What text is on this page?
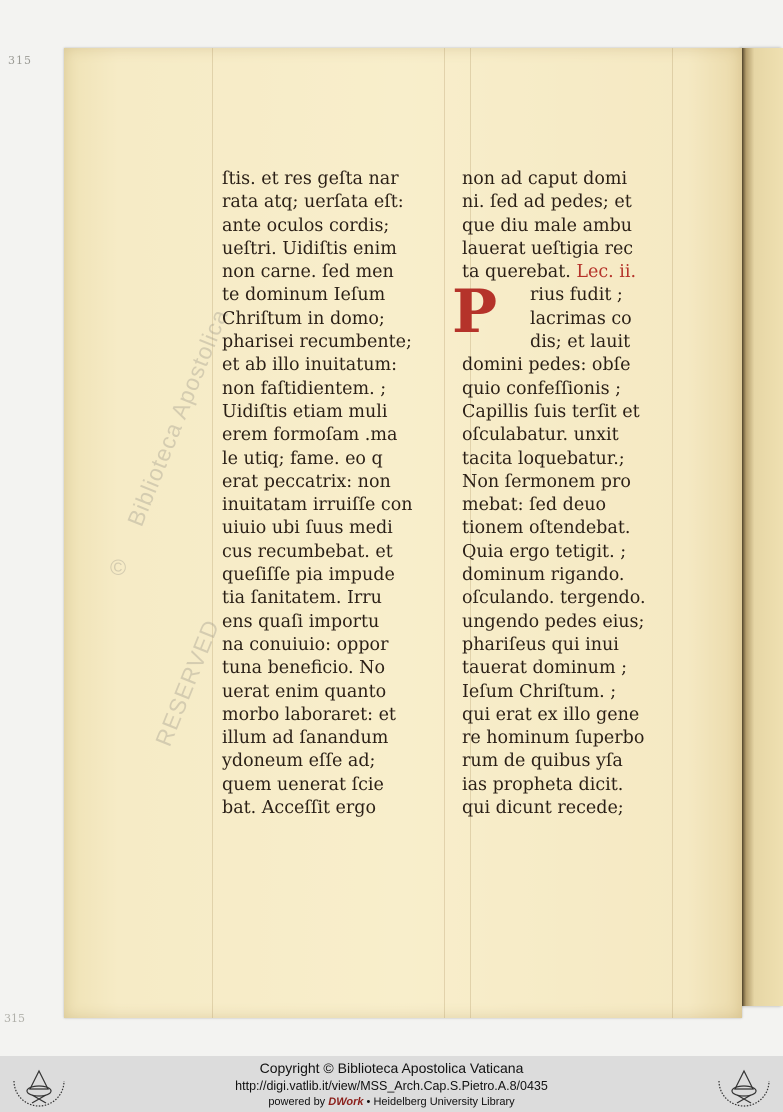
315
315
Biblioteca Apostolica
RESERVED
©
ſtis. et res geſta nar
rata atq; uerſata eſt:
ante oculos cordis;
ueſtri. Uidiſtis enim
non carne. ſed men
te dominum Ieſum
Chriſtum in domo;
pharisei recumbente;
et ab illo inuitatum:
non faſtidientem. ;
Uidiſtis etiam muli
erem formoſam .ma
le utiq; fame. eo q
erat peccatrix: non
inuitatam irruiſſe con
uiuio ubi ſuus medi
cus recumbebat. et
queſiſſe pia impude
tia ſanitatem. Irru
ens quaſi importu
na conuiuio: oppor
tuna beneficio. No
uerat enim quanto
morbo laboraret: et
illum ad ſanandum
ydoneum eſſe ad;
quem uenerat ſcie
bat. Acceſſit ergo
P
non ad caput domi
ni. ſed ad pedes; et
que diu male ambu
lauerat ueſtigia rec
ta querebat. Lec. ii.
rius fudit ;
lacrimas co
dis; et lauit
domini pedes: obſe
quio confeſſionis ;
Capillis ſuis terſit et
oſculabatur. unxit
tacita loquebatur.;
Non ſermonem pro
mebat: ſed deuo
tionem oſtendebat.
Quia ergo tetigit. ;
dominum rigando.
oſculando. tergendo.
ungendo pedes eius;
phariſeus qui inui
tauerat dominum ;
Ieſum Chriſtum. ;
qui erat ex illo gene
re hominum ſuperbo
rum de quibus yſa
ias propheta dicit.
qui dicunt recede;
Copyright © Biblioteca Apostolica Vaticana
http://digi.vatlib.it/view/MSS_Arch.Cap.S.Pietro.A.8/0435
powered by DWork • Heidelberg University Library
